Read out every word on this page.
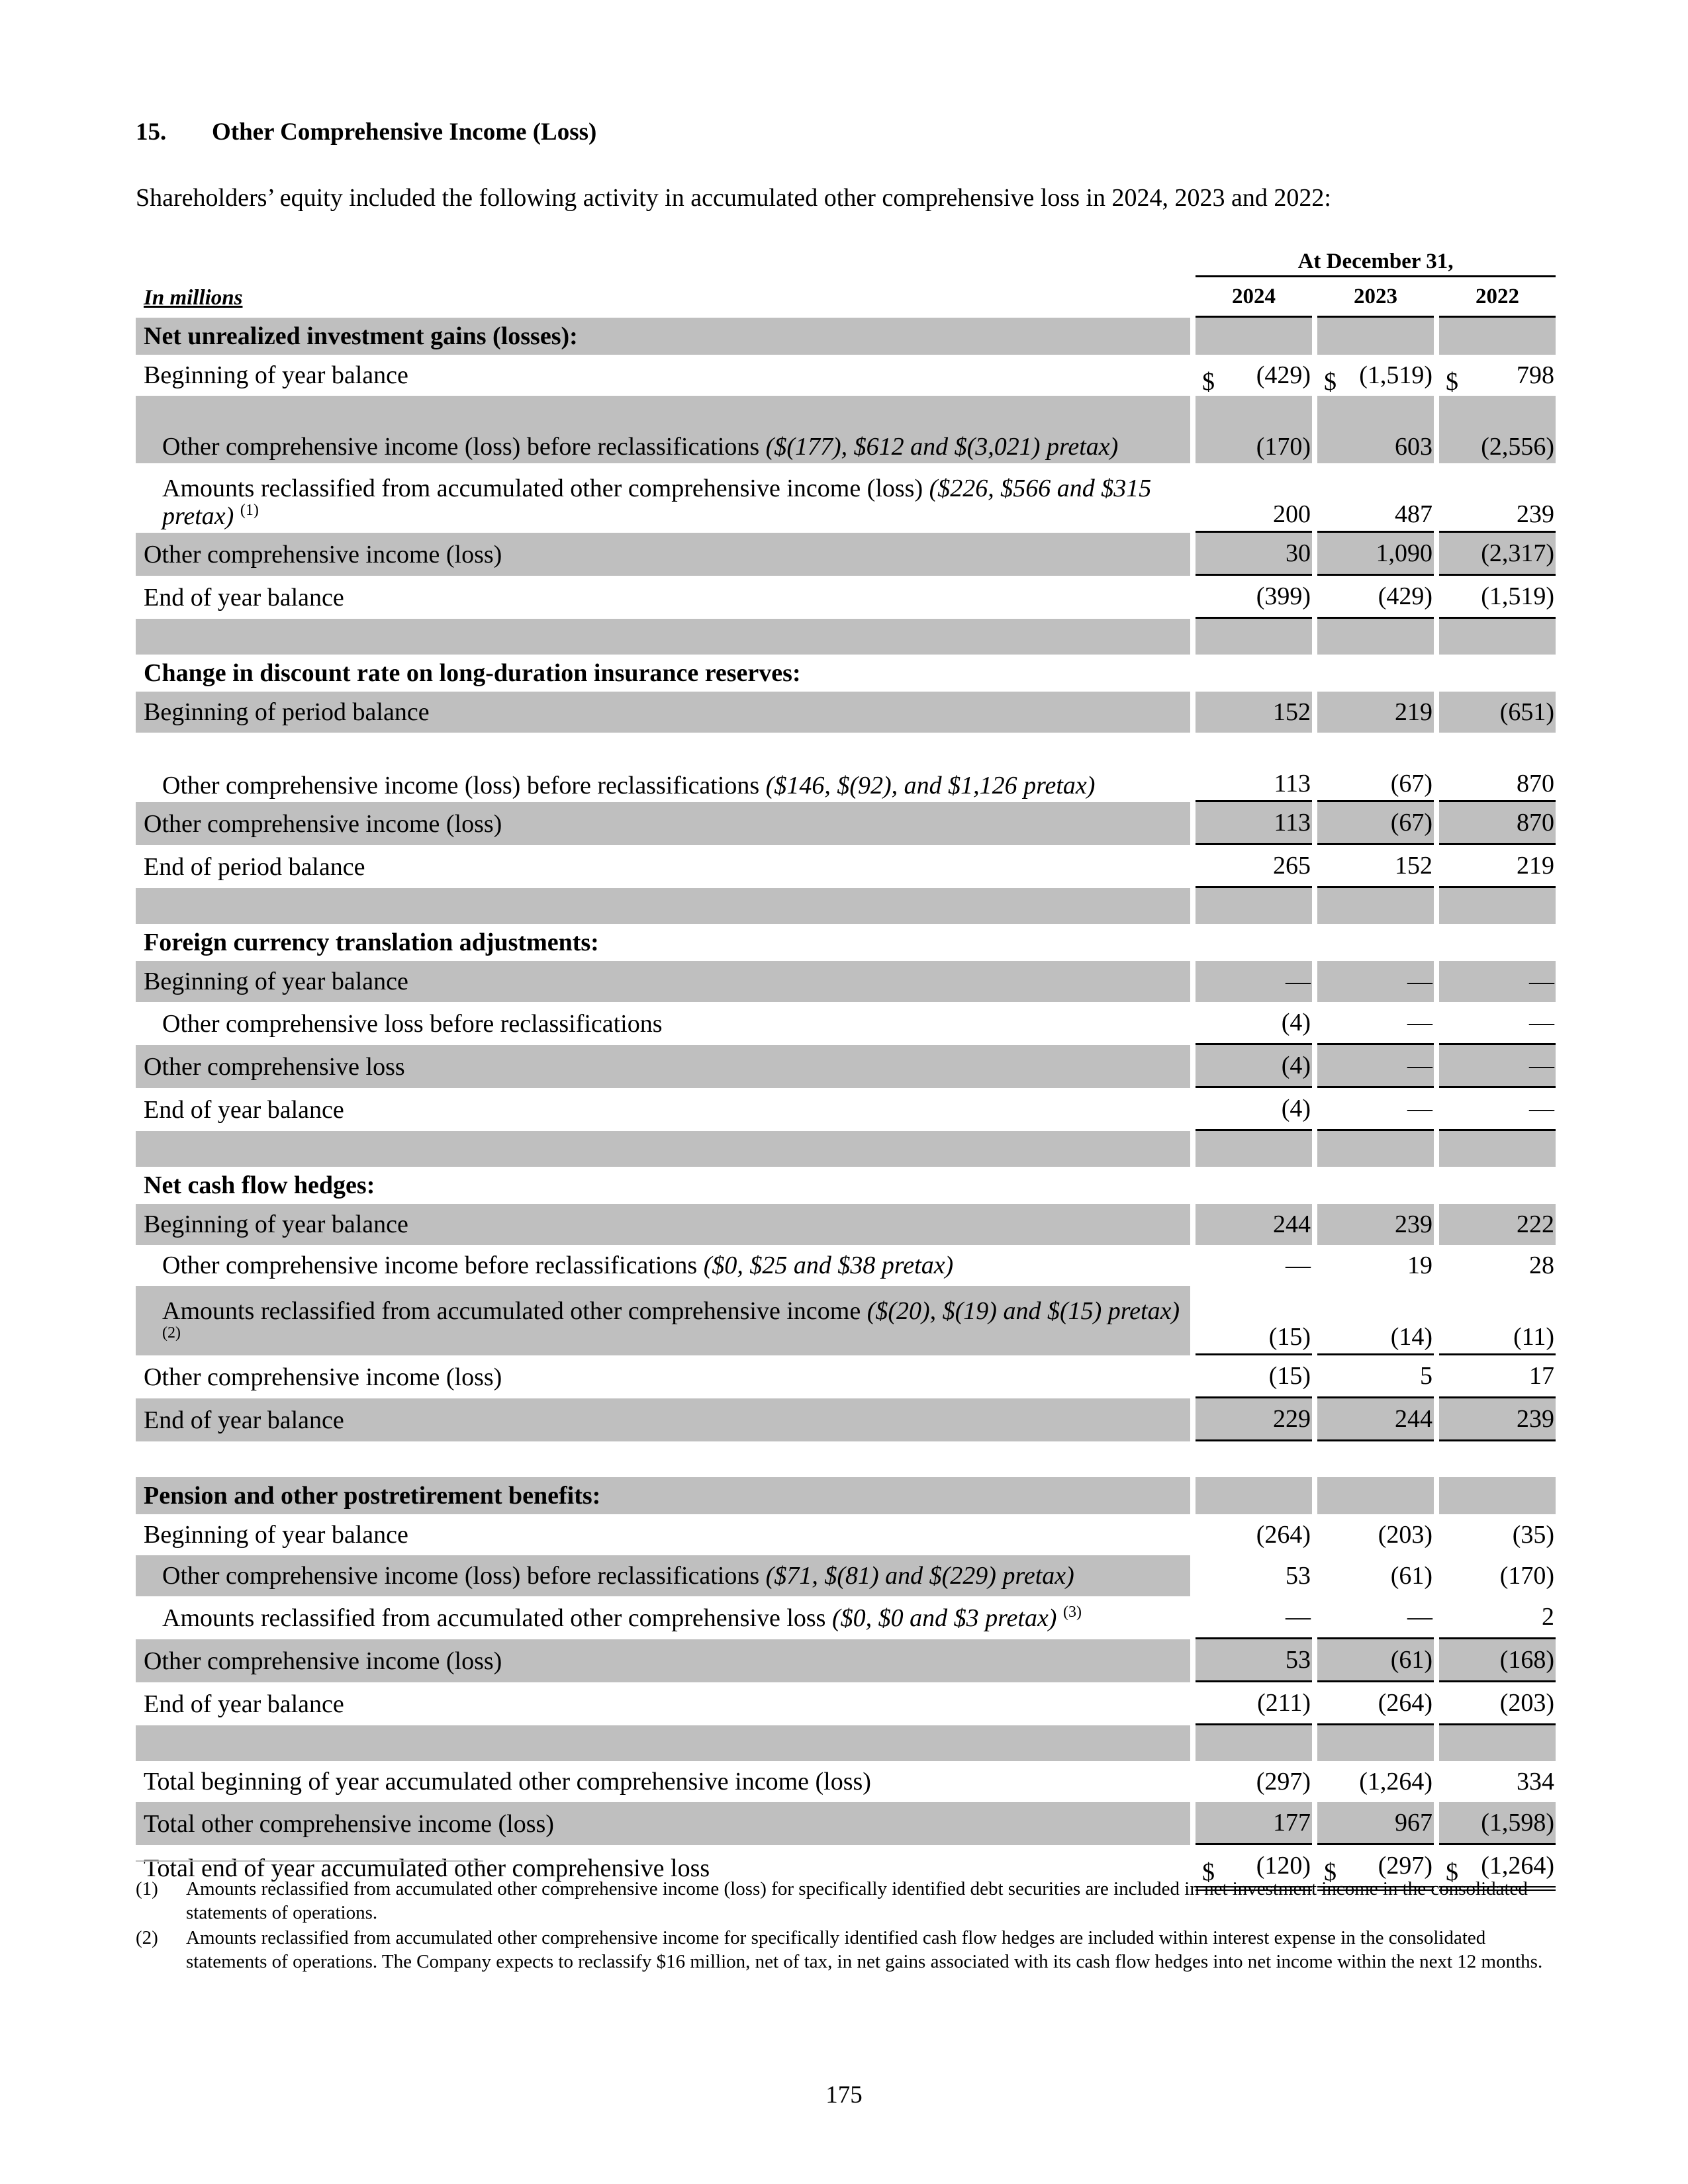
15. Other Comprehensive Income (Loss)
Shareholders’ equity included the following activity in accumulated other comprehensive loss in 2024, 2023 and 2022:
		At December 31,				
In millions		2024		2023		2022
Net unrealized investment gains (losses):						
Beginning of year balance		$ (429)		$ (1,519)		$ 798
Other comprehensive income (loss) before reclassifications ($(177), $612 and $(3,021) pretax)		(170)		603		(2,556)
Amounts reclassified from accumulated other comprehensive income (loss) ($226, $566 and $315 pretax) $^{(1)}$		200		487		239
Other comprehensive income (loss)		30		1,090		(2,317)
End of year balance		(399)		(429)		(1,519)

Change in discount rate on long-duration insurance reserves:						
Beginning of period balance		152		219		(651)
Other comprehensive income (loss) before reclassifications ($146, $(92), and $1,126 pretax)		113		(67)		870
Other comprehensive income (loss)		113		(67)		870
End of period balance		265		152		219

Foreign currency translation adjustments:						
Beginning of year balance		—		—		—
Other comprehensive loss before reclassifications		(4)		—		—
Other comprehensive loss		(4)		—		—
End of year balance		(4)		—		—

Net cash flow hedges:						
Beginning of year balance		244		239		222
Other comprehensive income before reclassifications ($0, $25 and $38 pretax)		—		19		28
Amounts reclassified from accumulated other comprehensive income ($(20), $(19) and $(15) pretax) $^{(2)}$		(15)		(14)		(11)
Other comprehensive income (loss)		(15)		5		17
End of year balance		229		244		239

Pension and other postretirement benefits:						
Beginning of year balance		(264)		(203)		(35)
Other comprehensive income (loss) before reclassifications ($71, $(81) and $(229) pretax)		53		(61)		(170)
Amounts reclassified from accumulated other comprehensive loss ($0, $0 and $3 pretax) $^{(3)}$		—		—		2
Other comprehensive income (loss)		53		(61)		(168)
End of year balance		(211)		(264)		(203)

Total beginning of year accumulated other comprehensive income (loss)		(297)		(1,264)		334
Total other comprehensive income (loss)		177		967		(1,598)
Total end of year accumulated other comprehensive loss		$ (120)		$ (297)		$ (1,264)
(1)	Amounts reclassified from accumulated other comprehensive income (loss) for specifically identified debt securities are included in net investment income in the consolidated statements of operations.
(2)	Amounts reclassified from accumulated other comprehensive income for specifically identified cash flow hedges are included within interest expense in the consolidated statements of operations. The Company expects to reclassify $16 million, net of tax, in net gains associated with its cash flow hedges into net income within the next 12 months.
175
